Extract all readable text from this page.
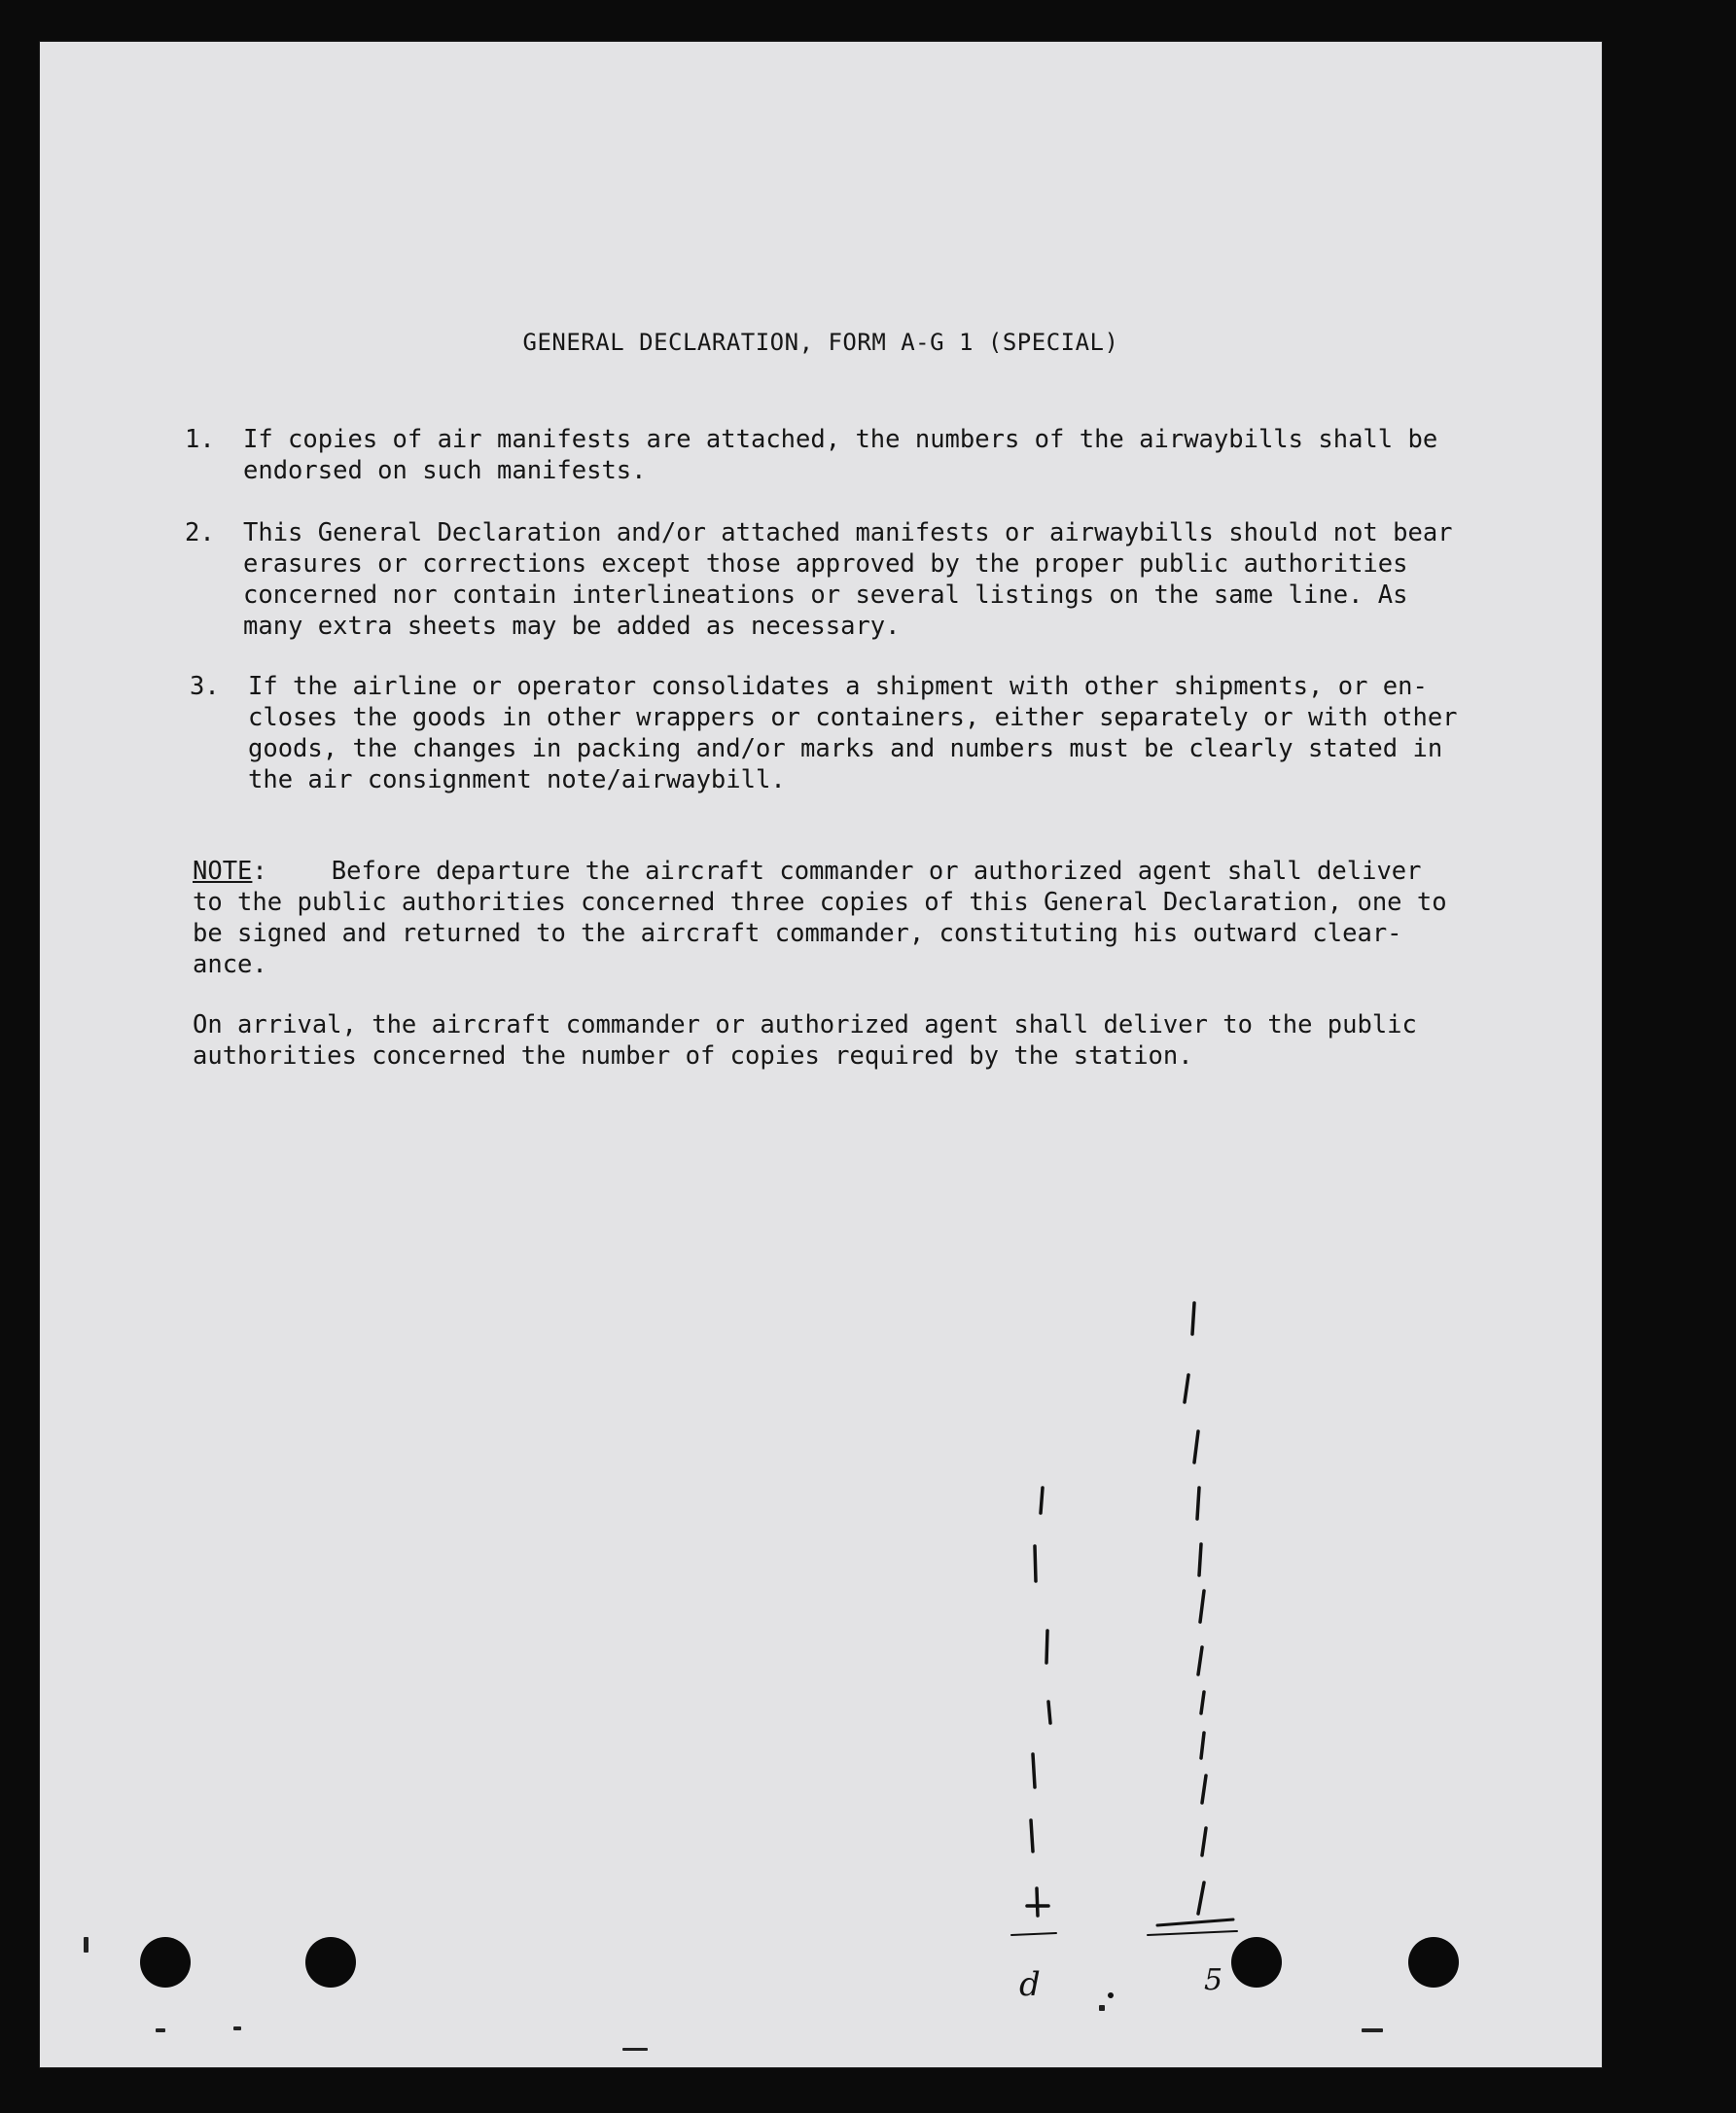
GENERAL DECLARATION, FORM A-G 1 (SPECIAL)
1. If copies of air manifests are attached, the numbers of the airwaybills shall be
endorsed on such manifests.
2. This General Declaration and/or attached manifests or airwaybills should not bear
erasures or corrections except those approved by the proper public authorities
concerned nor contain interlineations or several listings on the same line. As
many extra sheets may be added as necessary.
3. If the airline or operator consolidates a shipment with other shipments, or en-
closes the goods in other wrappers or containers, either separately or with other
goods, the changes in packing and/or marks and numbers must be clearly stated in
the air consignment note/airwaybill.
NOTE:	Before departure the aircraft commander or authorized agent shall deliver
to the public authorities concerned three copies of this General Declaration, one to
be signed and returned to the aircraft commander, constituting his outward clear-
ance.
On arrival, the aircraft commander or authorized agent shall deliver to the public
authorities concerned the number of copies required by the station.
d	5
